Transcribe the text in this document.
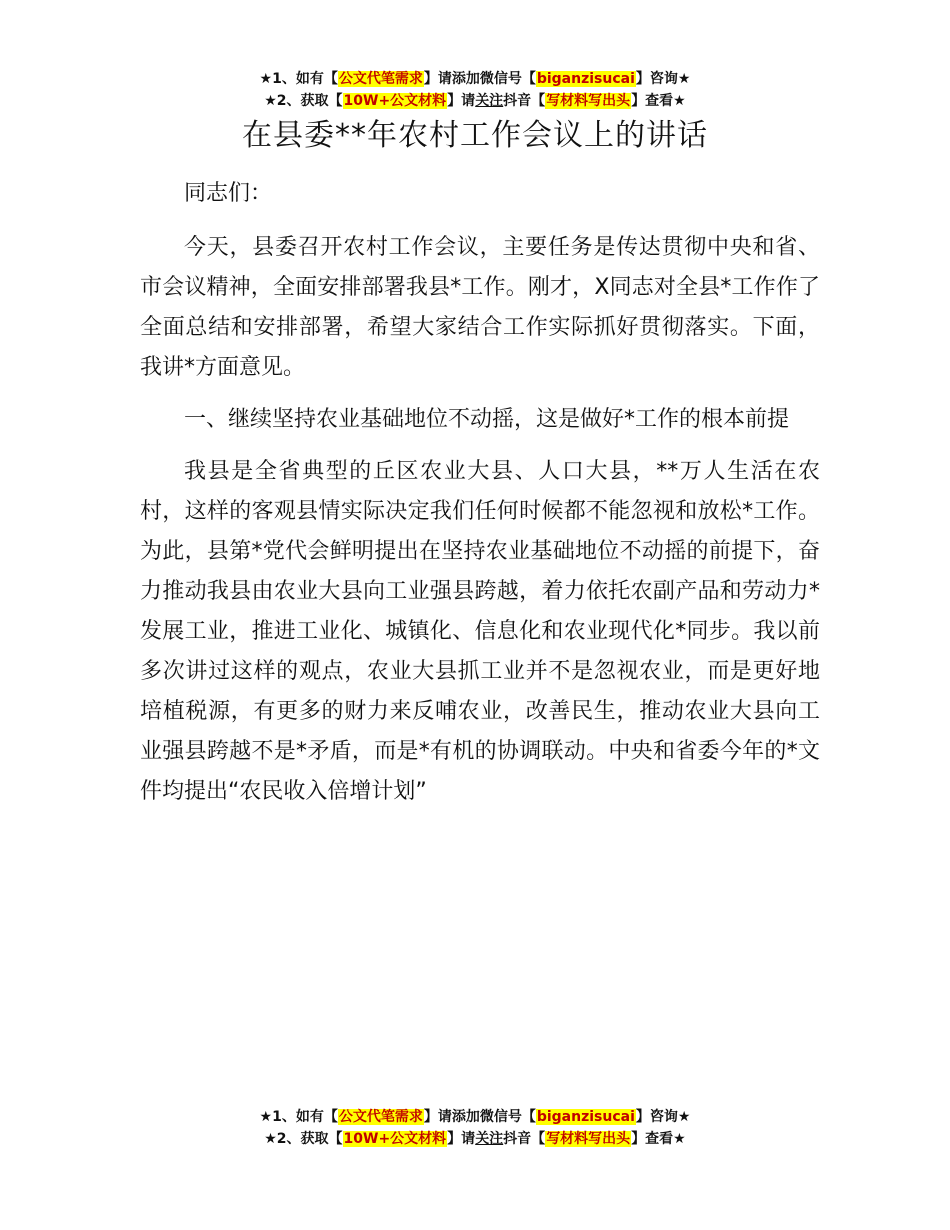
★1、如有【公文代笔需求】请添加微信号【biganzisucai】咨询★
★2、获取【10W+公文材料】请关注抖音【写材料写出头】查看★
在县委**年农村工作会议上的讲话

同志们：

今天，县委召开农村工作会议，主要任务是传达贯彻中央和省、市会议精神，全面安排部署我县*工作。刚才，X同志对全县*工作作了全面总结和安排部署，希望大家结合工作实际抓好贯彻落实。下面，我讲*方面意见。

一、继续坚持农业基础地位不动摇，这是做好*工作的根本前提

我县是全省典型的丘区农业大县、人口大县，**万人生活在农村，这样的客观县情实际决定我们任何时候都不能忽视和放松*工作。为此，县第*党代会鲜明提出在坚持农业基础地位不动摇的前提下，奋力推动我县由农业大县向工业强县跨越，着力依托农副产品和劳动力*发展工业，推进工业化、城镇化、信息化和农业现代化*同步。我以前多次讲过这样的观点，农业大县抓工业并不是忽视农业，而是更好地培植税源，有更多的财力来反哺农业，改善民生，推动农业大县向工业强县跨越不是*矛盾，而是*有机的协调联动。中央和省委今年的*文件均提出“农民收入倍增计划”

★1、如有【公文代笔需求】请添加微信号【biganzisucai】咨询★
★2、获取【10W+公文材料】请关注抖音【写材料写出头】查看★
